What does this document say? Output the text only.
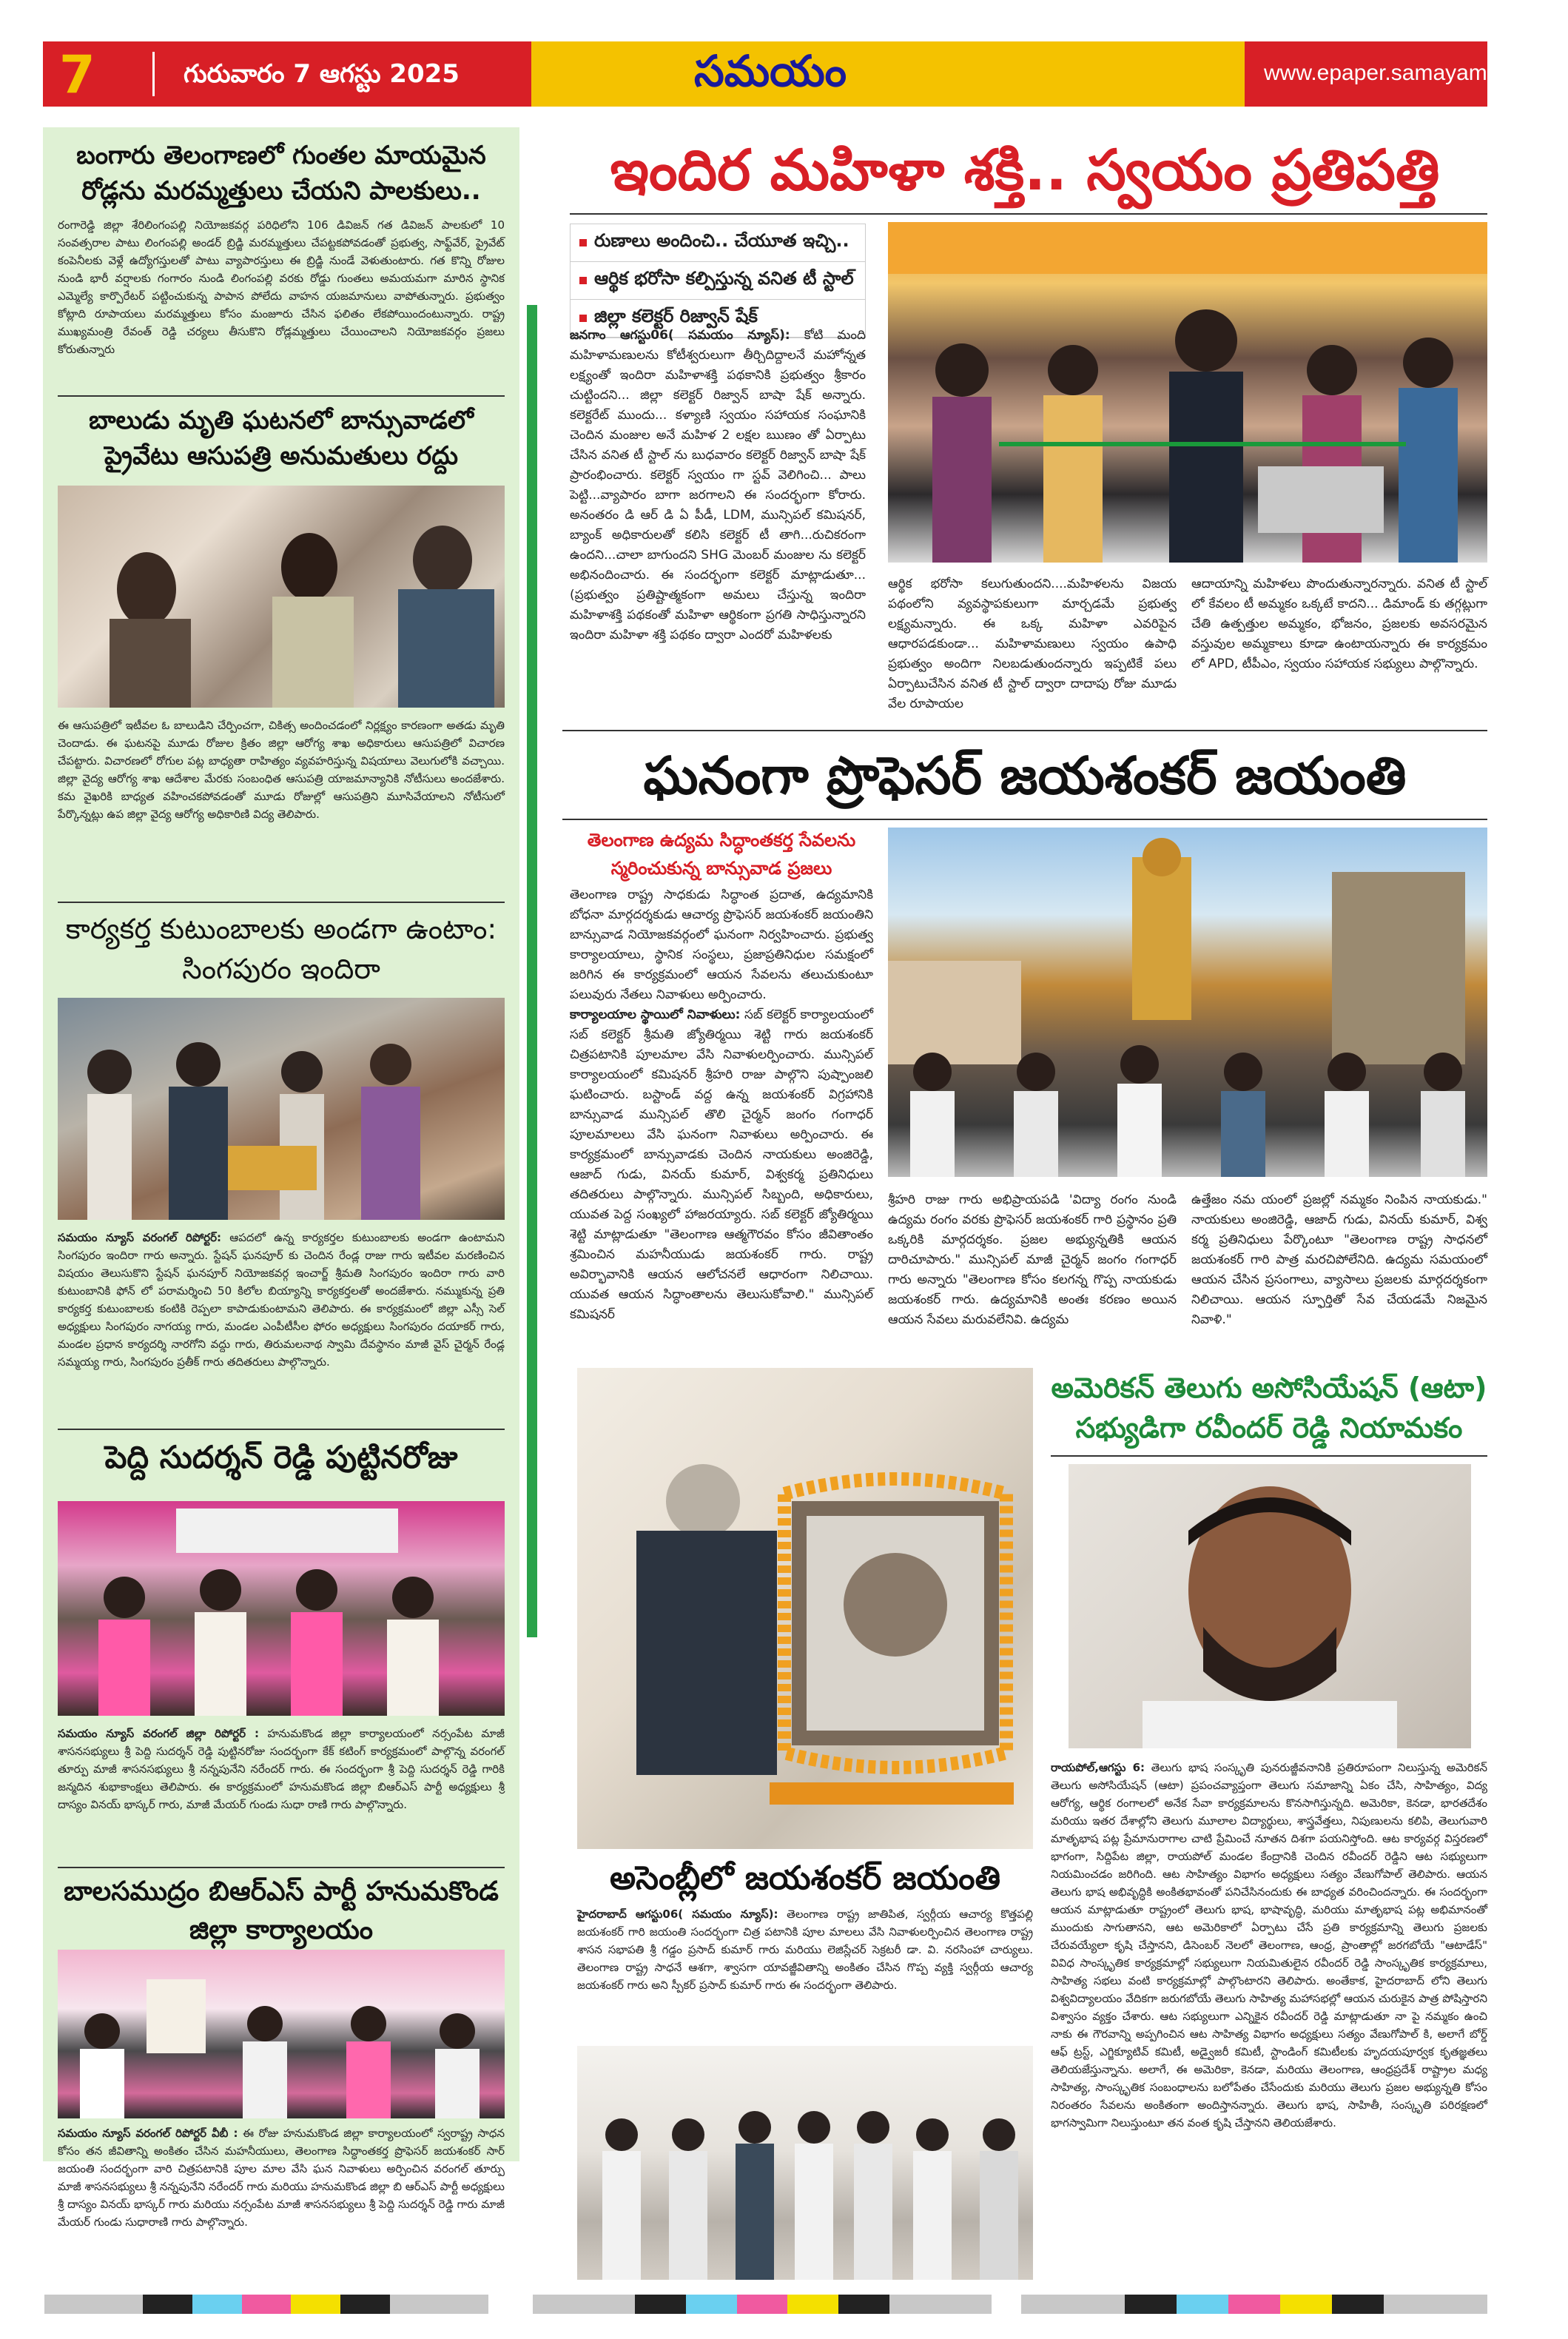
7	గురువారం 7 ఆగస్టు 2025	సమయం	www.epaper.samayamdaily.net
బంగారు తెలంగాణలో గుంతల మాయమైన రోడ్లను మరమ్మత్తులు చేయని పాలకులు..
రంగారెడ్డి జిల్లా శేరిలింగంపల్లి నియోజకవర్గ పరిధిలోని 106 డివిజన్ గత డివిజన్ పాలకులో 10 సంవత్సరాల పాటు లింగంపల్లి అండర్ బ్రిడ్జి మరమ్మత్తులు చేపట్టకపోవడంతో ప్రభుత్వ, సాఫ్ట్‌వేర్, ప్రైవేట్ కంపెనీలకు వెళ్లే ఉద్యోగస్తులతో పాటు వ్యాపారస్తులు ఈ బ్రిడ్జి నుండే వెళుతుంటారు. గత కొన్ని రోజుల నుండి భారీ వర్షాలకు గంగారం నుండి లింగంపల్లి వరకు రోడ్డు గుంతలు అమయమగా మారిన స్థానిక ఎమ్మెల్యే కార్పొరేటర్ పట్టించుకున్న పాపాన పోలేదు వాహన యజమానులు వాపోతున్నారు. ప్రభుత్వం కోట్లాది రూపాయలు మరమ్మత్తులు కోసం మంజూరు చేసిన ఫలితం లేకపోయిందంటున్నారు. రాష్ట్ర ముఖ్యమంత్రి రేవంత్ రెడ్డి చర్యలు తీసుకొని రోడ్లమ్మత్తులు చేయించాలని నియోజకవర్గం ప్రజలు కోరుతున్నారు
బాలుడు మృతి ఘటనలో బాన్సువాడలో ప్రైవేటు ఆసుపత్రి అనుమతులు రద్దు
ఈ ఆసుపత్రిలో ఇటీవల ఓ బాలుడిని చేర్పించగా, చికిత్స అందించడంలో నిర్లక్ష్యం కారణంగా అతడు మృతి చెందాడు. ఈ ఘటనపై మూడు రోజుల క్రితం జిల్లా ఆరోగ్య శాఖ అధికారులు ఆసుపత్రిలో విచారణ చేపట్టారు. విచారణలో రోగుల పట్ల బాధ్యతా రాహిత్యం వ్యవహరిస్తున్న విషయాలు వెలుగులోకి వచ్చాయి. జిల్లా వైద్య ఆరోగ్య శాఖ ఆదేశాల మేరకు సంబంధిత ఆసుపత్రి యాజమాన్యానికి నోటీసులు అందజేశారు. కమ వైఖరికి బాధ్యత వహించకపోవడంతో మూడు రోజుల్లో ఆసుపత్రిని మూసివేయాలని నోటీసులో పేర్కొన్నట్లు ఉప జిల్లా వైద్య ఆరోగ్య అధికారిణి విద్య తెలిపారు.
కార్యకర్త కుటుంబాలకు అండగా ఉంటాం: సింగపురం ఇందిరా
సమయం న్యూస్ వరంగల్ రిపోర్టర్: ఆపదలో ఉన్న కార్యకర్తల కుటుంబాలకు అండగా ఉంటామని సింగపురం ఇందిరా గారు అన్నారు. స్టేషన్ ఘనపూర్ కు చెందిన రేండ్ల రాజు గారు ఇటీవల మరణించిన విషయం తెలుసుకొని స్టేషన్ ఘనపూర్ నియోజకవర్గ ఇంచార్జ్ శ్రీమతి సింగపురం ఇందిరా గారు వారి కుటుంబానికి ఫోన్ లో పరామర్శించి 50 కిలోల బియ్యాన్ని కార్యకర్తలతో అందజేశారు. నమ్ముకున్న ప్రతి కార్యకర్త కుటుంబాలకు కంటికి రెప్పలా కాపాడుకుంటామని తెలిపారు. ఈ కార్యక్రమంలో జిల్లా ఎస్సీ సెల్ అధ్యక్షులు సింగపురం నాగయ్య గారు, మండల ఎంపీటీసీల ఫోరం అధ్యక్షులు సింగపురం దయాకర్ గారు, మండల ప్రధాన కార్యదర్శి నారగోని వద్దు గారు, తిరుమలనాథ స్వామి దేవస్థానం మాజీ వైస్ చైర్మన్ రేండ్ల సమ్మయ్య గారు, సింగపురం ప్రతీక్ గారు తదితరులు పాల్గొన్నారు.
పెద్ది సుదర్శన్ రెడ్డి పుట్టినరోజు
సమయం న్యూస్ వరంగల్ జిల్లా రిపోర్టర్ : హనుమకొండ జిల్లా కార్యాలయంలో నర్సంపేట మాజీ శాసనసభ్యులు శ్రీ పెద్ది సుదర్శన్ రెడ్డి పుట్టినరోజు సందర్భంగా కేక్ కటింగ్ కార్యక్రమంలో పాల్గొన్న వరంగల్ తూర్పు మాజీ శాసనసభ్యులు శ్రీ నన్నపునేని నరేందర్ గారు. ఈ సందర్భంగా శ్రీ పెద్ది సుదర్శన్ రెడ్డి గారికి జన్మదిన శుభాకాంక్షలు తెలిపారు. ఈ కార్యక్రమంలో హనుమకొండ జిల్లా బిఆర్ఎస్ పార్టీ అధ్యక్షులు శ్రీ దాస్యం వినయ్ భాస్కర్ గారు, మాజీ మేయర్ గుండు సుధా రాణి గారు పాల్గొన్నారు.
బాలసముద్రం బిఆర్ఎస్ పార్టీ హనుమకొండ జిల్లా కార్యాలయం
సమయం న్యూస్ వరంగల్ రిపోర్టర్ వీబీ : ఈ రోజు హనుమకొండ జిల్లా కార్యాలయంలో స్వరాష్ట్ర సాధన కోసం తన జీవితాన్ని అంకితం చేసిన మహనీయులు, తెలంగాణ సిద్ధాంతకర్త ప్రొఫెసర్ జయశంకర్ సార్ జయంతి సందర్భంగా వారి చిత్రపటానికి పూల మాల వేసి ఘన నివాళులు అర్పించిన వరంగల్ తూర్పు మాజీ శాసనసభ్యులు శ్రీ నన్నపునేని నరేందర్ గారు మరియు హనుమకొండ జిల్లా బి ఆర్ఎస్ పార్టీ అధ్యక్షులు శ్రీ దాస్యం వినయ్ భాస్కర్ గారు మరియు నర్సంపేట మాజీ శాసనసభ్యులు శ్రీ పెద్ది సుదర్శన్ రెడ్డి గారు మాజీ మేయర్ గుండు సుధారాణి గారు పాల్గొన్నారు.
ఇందిర మహిళా శక్తి.. స్వయం ప్రతిపత్తి
రుణాలు అందించి.. చేయూత ఇచ్చి..
ఆర్థిక భరోసా కల్పిస్తున్న వనిత టీ స్టాల్
జిల్లా కలెక్టర్ రిజ్వాన్ షేక్
జనగాం ఆగస్టు06( సమయం న్యూస్): కోటి మంది మహిళామణులను కోటీశ్వరులుగా తీర్చిదిద్దాలనే మహోన్నత లక్ష్యంతో ఇందిరా మహిళాశక్తి పథకానికి ప్రభుత్వం శ్రీకారం చుట్టిందని... జిల్లా కలెక్టర్ రిజ్వాన్ బాషా షేక్ అన్నారు. కలెక్టరేట్ ముందు... కళ్యాణి స్వయం సహాయక సంఘానికి చెందిన మంజుల అనే మహిళ 2 లక్షల ఋణం తో ఏర్పాటు చేసిన వనిత టీ స్టాల్ ను బుధవారం కలెక్టర్ రిజ్వాన్ బాషా షేక్ ప్రారంభించారు. కలెక్టర్ స్వయం గా స్టవ్ వెలిగించి... పాలు పెట్టి...వ్యాపారం బాగా జరగాలని ఈ సందర్భంగా కోరారు. అనంతరం డి ఆర్ డి ఏ పీడీ, LDM, మున్సిపల్ కమిషనర్, బ్యాంక్ అధికారులతో కలిసి కలెక్టర్ టీ తాగి...రుచికరంగా ఉందని...చాలా బాగుందని SHG మెంబర్ మంజుల ను కలెక్టర్ అభినందించారు. ఈ సందర్భంగా కలెక్టర్ మాట్లాడుతూ... (ప్రభుత్వం ప్రతిష్టాత్మకంగా అమలు చేస్తున్న ఇందిరా మహిళాశక్తి పథకంతో మహిళా ఆర్థికంగా ప్రగతి సాధిస్తున్నారని ఇందిరా మహిళా శక్తి పథకం ద్వారా ఎందరో మహిళలకు
ఆర్థిక భరోసా కలుగుతుందని....మహిళలను విజయ పథంలోని వ్యవస్థాపకులుగా మార్చడమే ప్రభుత్వ లక్ష్యమన్నారు. ఈ ఒక్క మహిళా ఎవరిపైన ఆధారపడకుండా... మహిళామణులు స్వయం ఉపాధి ప్రభుత్వం అందిగా నిలబడుతుందన్నారు ఇప్పటికే పలు ఏర్పాటుచేసిన వనిత టీ స్టాల్ ద్వారా దాదాపు రోజు మూడు వేల రూపాయల
ఆదాయాన్ని మహిళలు పొందుతున్నారన్నారు. వనిత టీ స్టాల్ లో కేవలం టీ అమ్మకం ఒక్కటే కాదని... డిమాండ్ కు తగ్గట్లుగా చేతి ఉత్పత్తుల అమ్మకం, భోజనం, ప్రజలకు అవసరమైన వస్తువుల అమ్మకాలు కూడా ఉంటాయన్నారు ఈ కార్యక్రమం లో APD, టీపీఎం, స్వయం సహాయక సభ్యులు పాల్గొన్నారు.
ఘనంగా ప్రొఫెసర్ జయశంకర్ జయంతి
తెలంగాణ ఉద్యమ సిద్ధాంతకర్త సేవలను స్మరించుకున్న బాన్సువాడ ప్రజలు
తెలంగాణ రాష్ట్ర సాధకుడు సిద్ధాంత ప్రదాత, ఉద్యమానికి బోధనా మార్గదర్శకుడు ఆచార్య ప్రొఫెసర్ జయశంకర్ జయంతిని బాన్సువాడ నియోజకవర్గంలో ఘనంగా నిర్వహించారు. ప్రభుత్వ కార్యాలయాలు, స్థానిక సంస్థలు, ప్రజాప్రతినిధుల సమక్షంలో జరిగిన ఈ కార్యక్రమంలో ఆయన సేవలను తలుచుకుంటూ పలువురు నేతలు నివాళులు అర్పించారు.
కార్యాలయాల స్థాయిలో నివాళులు: సబ్ కలెక్టర్ కార్యాలయంలో సబ్ కలెక్టర్ శ్రీమతి జ్యోతిర్మయి శెట్టి గారు జయశంకర్ చిత్రపటానికి పూలమాల వేసి నివాళులర్పించారు. మున్సిపల్ కార్యాలయంలో కమిషనర్ శ్రీహరి రాజు పాల్గొని పుష్పాంజలి ఘటించారు. బస్టాండ్ వద్ద ఉన్న జయశంకర్ విగ్రహానికి బాన్సువాడ మున్సిపల్ తొలి చైర్మన్ జంగం గంగాధర్ పూలమాలలు వేసి ఘనంగా నివాళులు అర్పించారు. ఈ కార్యక్రమంలో బాన్సువాడకు చెందిన నాయకులు అంజిరెడ్డి, ఆజాద్ గుడు, వినయ్ కుమార్, విశ్వకర్మ ప్రతినిధులు తదితరులు పాల్గొన్నారు. మున్సిపల్ సిబ్బంది, అధికారులు, యువత పెద్ద సంఖ్యలో హాజరయ్యారు. సబ్ కలెక్టర్ జ్యోతిర్మయి శెట్టి మాట్లాడుతూ "తెలంగాణ ఆత్మగౌరవం కోసం జీవితాంతం శ్రమించిన మహనీయుడు జయశంకర్ గారు. రాష్ట్ర అవిర్భావానికి ఆయన ఆలోచనలే ఆధారంగా నిలిచాయి. యువత ఆయన సిద్ధాంతాలను తెలుసుకోవాలి." మున్సిపల్ కమిషనర్
శ్రీహరి రాజు గారు అభిప్రాయపడి 'విద్యా రంగం నుండి ఉద్యమ రంగం వరకు ప్రొఫెసర్ జయశంకర్ గారి ప్రస్థానం ప్రతి ఒక్కరికి మార్గదర్శకం. ప్రజల అభ్యున్నతికి ఆయన దారిచూపారు." మున్సిపల్ మాజీ చైర్మన్ జంగం గంగాధర్ గారు అన్నారు "తెలంగాణ కోసం కలగన్న గొప్ప నాయకుడు జయశంకర్ గారు. ఉద్యమానికి అంతః కరణం అయిన ఆయన సేవలు మరువలేనివి. ఉద్యమ
ఉత్తేజం నమ యంలో ప్రజల్లో నమ్మకం నింపిన నాయకుడు." నాయకులు అంజిరెడ్డి, ఆజాద్ గుడు, వినయ్ కుమార్, విశ్వ కర్మ ప్రతినిధులు పేర్కొంటూ "తెలంగాణ రాష్ట్ర సాధనలో జయశంకర్ గారి పాత్ర మరచిపోలేనిది. ఉద్యమ సమయంలో ఆయన చేసిన ప్రసంగాలు, వ్యాసాలు ప్రజలకు మార్గదర్శకంగా నిలిచాయి. ఆయన స్ఫూర్తితో సేవ చేయడమే నిజమైన నివాళి."
అసెంబ్లీలో జయశంకర్ జయంతి
హైదరాబాద్ ఆగస్టు06( సమయం న్యూస్): తెలంగాణ రాష్ట్ర జాతిపిత, స్వర్గీయ ఆచార్య కొత్తపల్లి జయశంకర్ గారి జయంతి సందర్భంగా చిత్ర పటానికి పూల మాలలు వేసి నివాళులర్పించిన తెలంగాణ రాష్ట్ర శాసన సభాపతి శ్రీ గడ్డం ప్రసాద్ కుమార్ గారు మరియు లెజిస్లేచర్ సెక్రటరీ డా. వి. నరసింహా చార్యులు. తెలంగాణ రాష్ట్ర సాధనే ఆశగా, శ్వాసగా యావజ్జీవితాన్ని అంకితం చేసిన గొప్ప వ్యక్తి స్వర్గీయ ఆచార్య జయశంకర్ గారు అని స్పీకర్ ప్రసాద్ కుమార్ గారు ఈ సందర్భంగా తెలిపారు.
అమెరికన్ తెలుగు అసోసియేషన్ (ఆటా) సభ్యుడిగా రవీందర్ రెడ్డి నియామకం
రాయపోల్,ఆగస్టు 6: తెలుగు భాష సంస్కృతి పునరుజ్జీవనానికి ప్రతిరూపంగా నిలుస్తున్న అమెరికన్ తెలుగు అసోసియేషన్ (ఆటా) ప్రపంచవ్యాప్తంగా తెలుగు సమాజాన్ని ఏకం చేసి, సాహిత్యం, విద్య ఆరోగ్య, ఆర్థిక రంగాలలో అనేక సేవా కార్యక్రమాలను కొనసాగిస్తున్నది. అమెరికా, కెనడా, భారతదేశం మరియు ఇతర దేశాల్లోని తెలుగు మూలాల విద్యార్థులు, శాస్త్రవేత్తలు, నిపుణులను కలిపి, తెలుగువారి మాతృభాష పట్ల ప్రేమానురాగాల చాటి ప్రేమించే నూతన దిశగా పయనిస్తోంది. ఆట కార్యవర్గ విస్తరణలో భాగంగా, సిద్దిపేట జిల్లా, రాయపోల్ మండల కేంద్రానికి చెందిన రవీందర్ రెడ్డిని ఆట సభ్యులుగా నియమించడం జరిగింది. ఆట సాహిత్యం విభాగం అధ్యక్షులు సత్యం వేణుగోపాల్ తెలిపారు. ఆయన తెలుగు భాష అభివృద్ధికి అంకితభావంతో పనిచేసినందుకు ఈ బాధ్యత వరించిందన్నారు. ఈ సందర్భంగా ఆయన మాట్లాడుతూ రాష్ట్రంలో తెలుగు భాష, భాషావృద్ధి, మరియు మాతృభాష పట్ల అభిమానంతో ముందుకు సాగుతానని, ఆట అమెరికాలో ఏర్పాటు చేసే ప్రతి కార్యక్రమాన్ని తెలుగు ప్రజలకు చేరువయ్యేలా కృషి చేస్తానని, డిసెంబర్ నెలలో తెలంగాణ, ఆంధ్ర, ప్రాంతాల్లో జరగబోయే "ఆటాడేస్" వివిధ సాంస్కృతిక కార్యక్రమాల్లో సభ్యులుగా నియమితులైన రవీందర్ రెడ్డి సాంస్కృతిక కార్యక్రమాలు, సాహిత్య సభలు వంటి కార్యక్రమాల్లో పాల్గొంటారని తెలిపారు. అంతేకాక, హైదరాబాద్ లోని తెలుగు విశ్వవిద్యాలయం వేదికగా జరుగబోయే తెలుగు సాహిత్య మహాసభల్లో ఆయన చురుకైన పాత్ర పోషిస్తారని విశ్వాసం వ్యక్తం చేశారు. ఆట సభ్యులుగా ఎన్నికైన రవీందర్ రెడ్డి మాట్లాడుతూ నా పై నమ్మకం ఉంచి నాకు ఈ గౌరవాన్ని అప్పగించిన ఆట సాహిత్య విభాగం అధ్యక్షులు సత్యం వేణుగోపాల్ కి, అలాగే బోర్డ్ ఆఫ్ ట్రస్ట్, ఎగ్జిక్యూటివ్ కమిటీ, అడ్వైజరీ కమిటీ, స్టాండింగ్ కమిటీలకు హృదయపూర్వక కృతజ్ఞతలు తెలియజేస్తున్నాను. అలాగే, ఈ అమెరికా, కెనడా, మరియు తెలంగాణ, ఆంధ్రప్రదేశ్ రాష్ట్రాల మధ్య సాహిత్య, సాంస్కృతిక సంబంధాలను బలోపేతం చేసేందుకు మరియు తెలుగు ప్రజల అభ్యున్నతి కోసం నిరంతరం సేవలను అంకితంగా అందిస్తానన్నారు. తెలుగు భాష, సాహితీ, సంస్కృతి పరిరక్షణలో భాగస్వామిగా నిలుస్తుంటూ తన వంత కృషి చేస్తానని తెలియజేశారు.
